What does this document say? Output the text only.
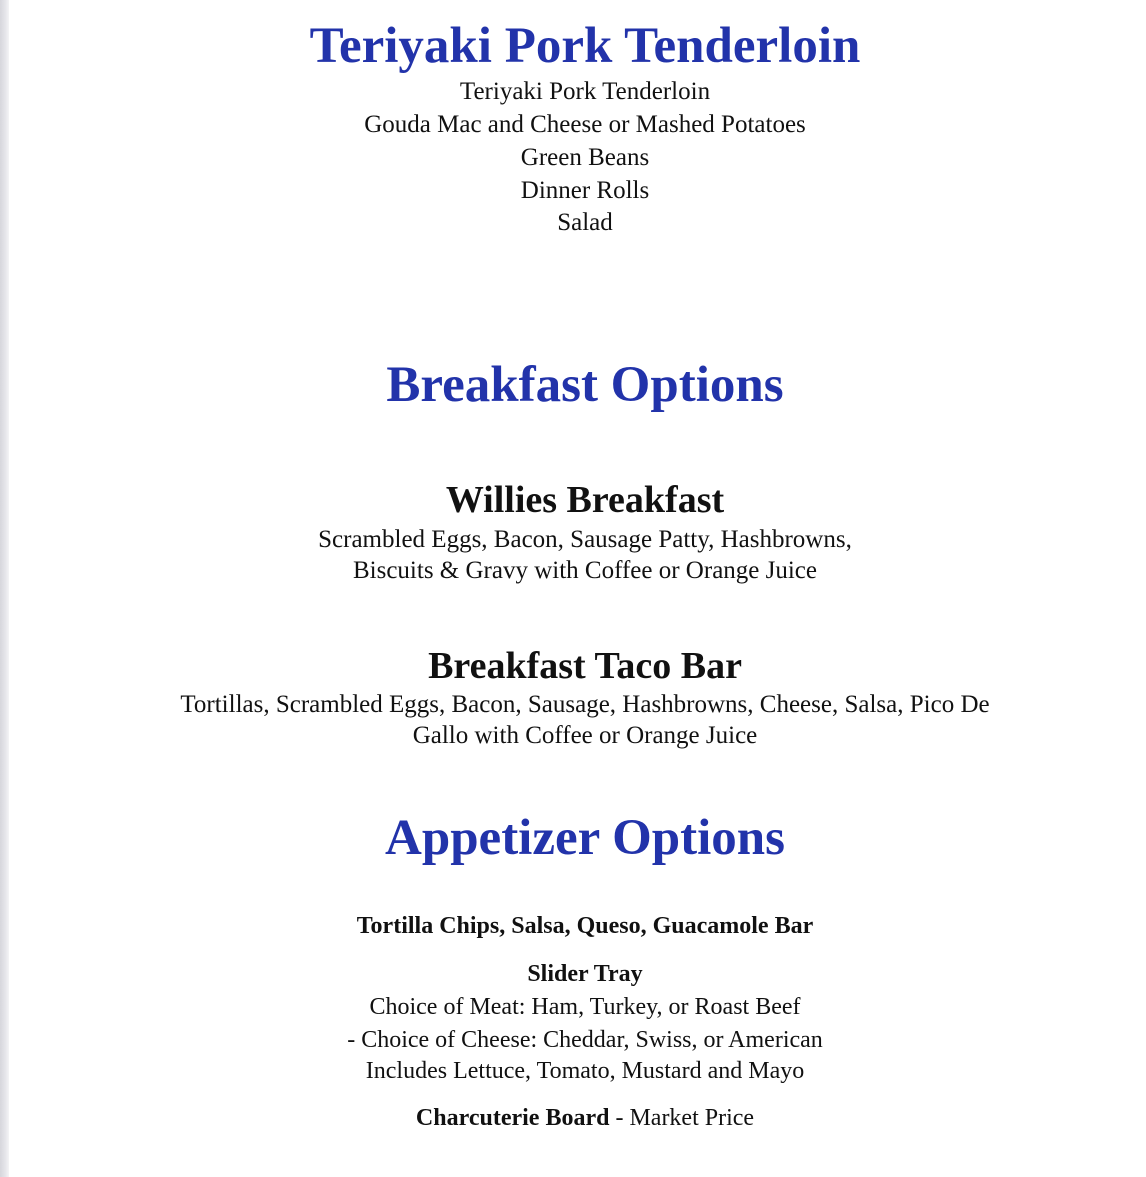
Teriyaki Pork Tenderloin

Teriyaki Pork Tenderloin

Gouda Mac and Cheese or Mashed Potatoes

Green Beans

Dinner Rolls

Salad

Breakfast Options
Willies Breakfast

Scrambled Eggs, Bacon, Sausage Patty, Hashbrowns,

Biscuits & Gravy with Coffee or Orange Juice

Breakfast Taco Bar

Tortillas, Scrambled Eggs, Bacon, Sausage, Hashbrowns, Cheese, Salsa, Pico De

Gallo with Coffee or Orange Juice

Appetizer Options

Tortilla Chips, Salsa, Queso, Guacamole Bar

Slider Tray

Choice of Meat: Ham, Turkey, or Roast Beef

- Choice of Cheese: Cheddar, Swiss, or American

Includes Lettuce, Tomato, Mustard and Mayo

Charcuterie Board - Market Price
